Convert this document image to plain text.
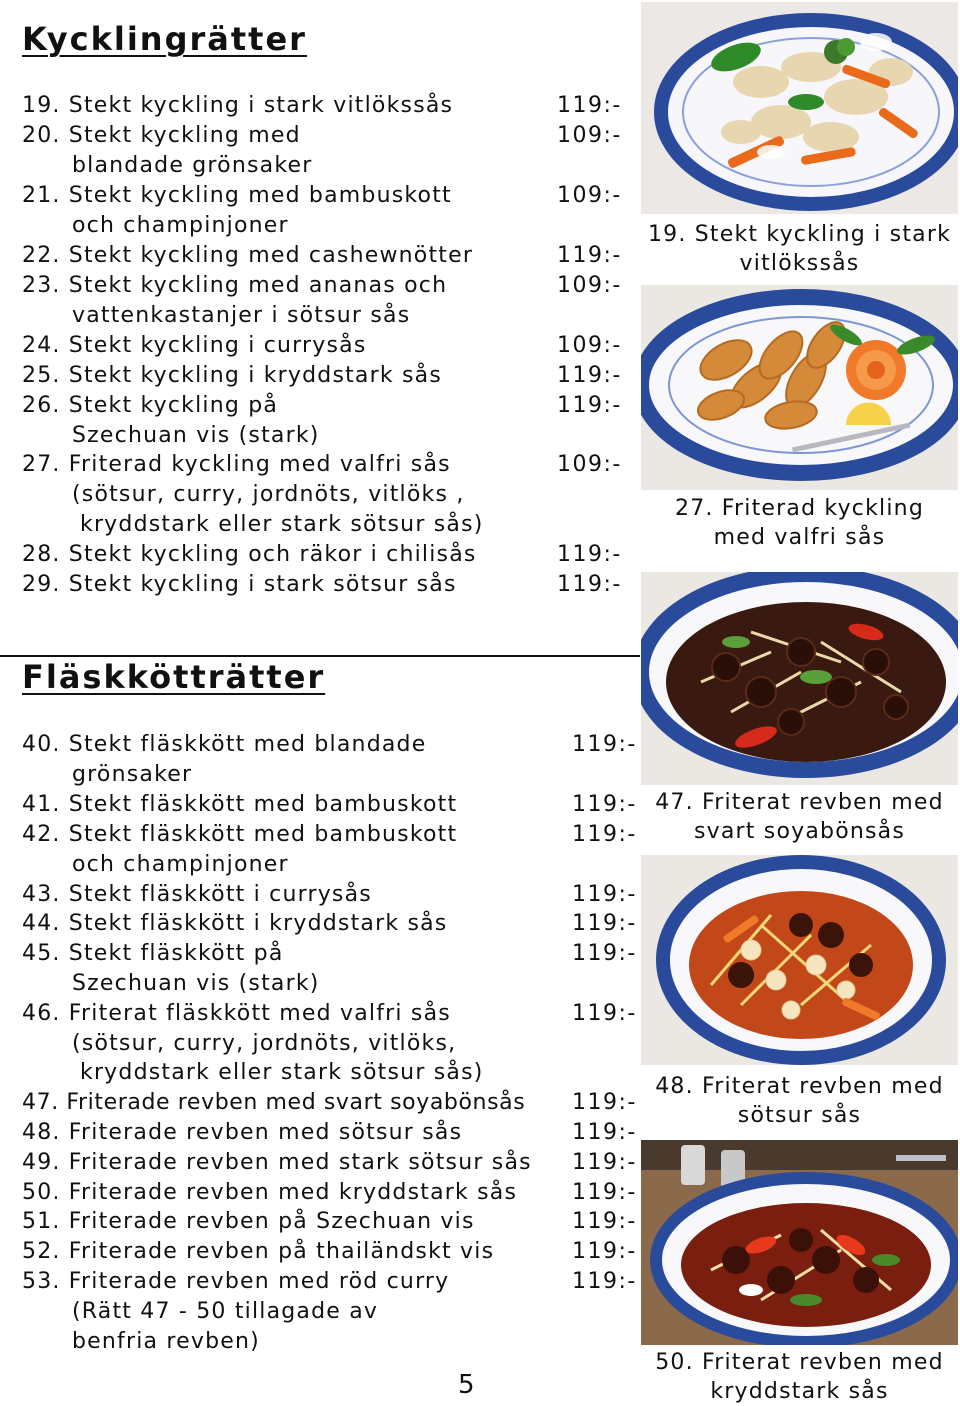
Kycklingrätter
19. Stekt kyckling i stark vitlökssås
20. Stekt kyckling med
blandade grönsaker
21. Stekt kyckling med bambuskott
och champinjoner
22. Stekt kyckling med cashewnötter
23. Stekt kyckling med ananas och
vattenkastanjer i sötsur sås
24. Stekt kyckling i currysås
25. Stekt kyckling i kryddstark sås
26. Stekt kyckling på
Szechuan vis (stark)
27. Friterad kyckling med valfri sås
(sötsur, curry, jordnöts, vitlöks ,
kryddstark eller stark sötsur sås)
28. Stekt kyckling och räkor i chilisås
29. Stekt kyckling i stark sötsur sås
119:-
109:-
109:-
119:-
109:-
109:-
119:-
119:-
109:-
119:-
119:-
Fläskkötträtter
40. Stekt fläskkött med blandade
grönsaker
41. Stekt fläskkött med bambuskott
42. Stekt fläskkött med bambuskott
och champinjoner
43. Stekt fläskkött i currysås
44. Stekt fläskkött i kryddstark sås
45. Stekt fläskkött på
Szechuan vis (stark)
46. Friterat fläskkött med valfri sås
(sötsur, curry, jordnöts, vitlöks,
kryddstark eller stark sötsur sås)
47. Friterade revben med svart soyabönsås
48. Friterade revben med sötsur sås
49. Friterade revben med stark sötsur sås
50. Friterade revben med kryddstark sås
51. Friterade revben på Szechuan vis
52. Friterade revben på thailändskt vis
53. Friterade revben med röd curry
(Rätt 47 - 50 tillagade av
benfria revben)
119:-
119:-
119:-
119:-
119:-
119:-
119:-
119:-
119:-
119:-
119:-
119:-
119:-
119:-
19. Stekt kyckling i stark
vitlökssås
27. Friterad kyckling
med valfri sås
47. Friterat revben med
svart soyabönsås
48. Friterat revben med
sötsur sås
50. Friterat revben med
kryddstark sås
5
